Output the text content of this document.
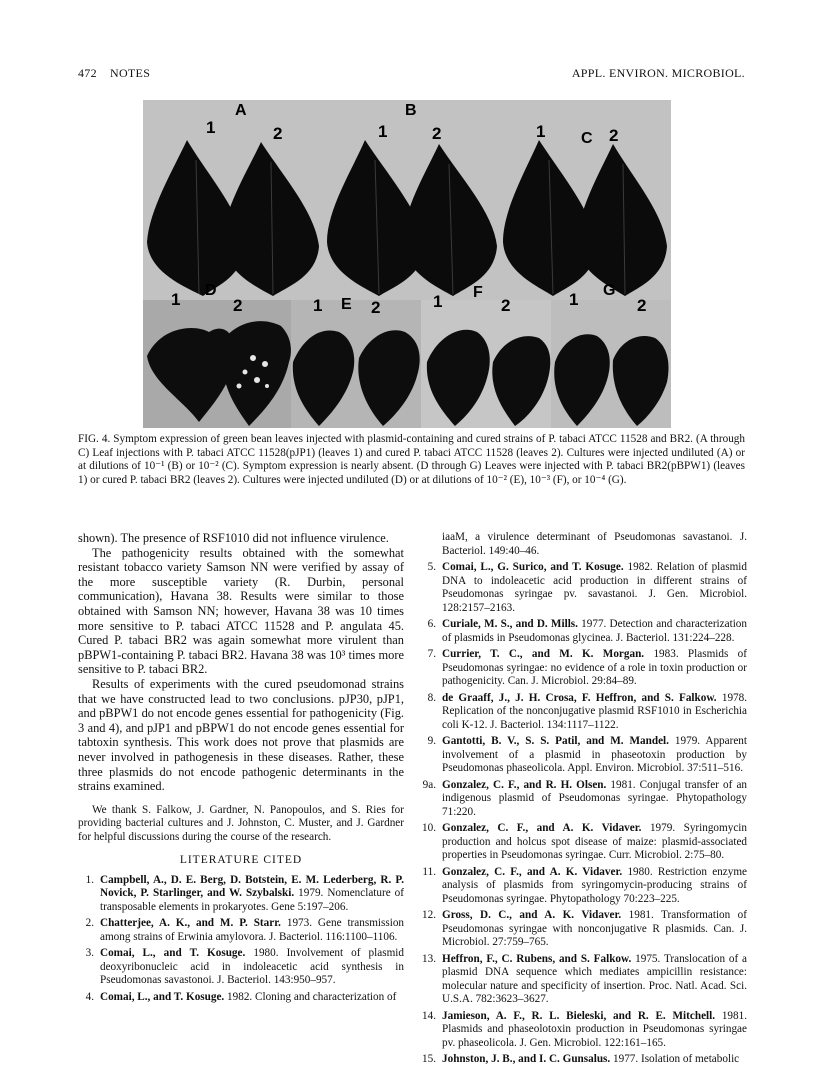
472 NOTES	APPL. ENVIRON. MICROBIOL.
A	B
C
D
E
F	G
1	2	1	2	1	2
1	2	1	2	1	2	1	2
FIG. 4. Symptom expression of green bean leaves injected with plasmid-containing and cured strains of P. tabaci ATCC 11528 and BR2. (A through C) Leaf injections with P. tabaci ATCC 11528(pJP1) (leaves 1) and cured P. tabaci ATCC 11528 (leaves 2). Cultures were injected undiluted (A) or at dilutions of 10⁻¹ (B) or 10⁻² (C). Symptom expression is nearly absent. (D through G) Leaves were injected with P. tabaci BR2(pBPW1) (leaves 1) or cured P. tabaci BR2 (leaves 2). Cultures were injected undiluted (D) or at dilutions of 10⁻² (E), 10⁻³ (F), or 10⁻⁴ (G).

shown). The presence of RSF1010 did not influence virulence.

The pathogenicity results obtained with the somewhat resistant tobacco variety Samson NN were verified by assay of the more susceptible variety (R. Durbin, personal communication), Havana 38. Results were similar to those obtained with Samson NN; however, Havana 38 was 10 times more sensitive to P. tabaci ATCC 11528 and P. angulata 45. Cured P. tabaci BR2 was again somewhat more virulent than pBPW1-containing P. tabaci BR2. Havana 38 was 10³ times more sensitive to P. tabaci BR2.

Results of experiments with the cured pseudomonad strains that we have constructed lead to two conclusions. pJP30, pJP1, and pBPW1 do not encode genes essential for pathogenicity (Fig. 3 and 4), and pJP1 and pBPW1 do not encode genes essential for tabtoxin synthesis. This work does not prove that plasmids are never involved in pathogenesis in these diseases. Rather, these three plasmids do not encode pathogenic determinants in the strains examined.

We thank S. Falkow, J. Gardner, N. Panopoulos, and S. Ries for providing bacterial cultures and J. Johnston, C. Muster, and J. Gardner for helpful discussions during the course of the research.

LITERATURE CITED
1. Campbell, A., D. E. Berg, D. Botstein, E. M. Lederberg, R. P. Novick, P. Starlinger, and W. Szybalski. 1979. Nomenclature of transposable elements in prokaryotes. Gene 5:197–206.
2. Chatterjee, A. K., and M. P. Starr. 1973. Gene transmission among strains of Erwinia amylovora. J. Bacteriol. 116:1100–1106.
3. Comai, L., and T. Kosuge. 1980. Involvement of plasmid deoxyribonucleic acid in indoleacetic acid synthesis in Pseudomonas savastonoi. J. Bacteriol. 143:950–957.
4. Comai, L., and T. Kosuge. 1982. Cloning and characterization of
iaaM, a virulence determinant of Pseudomonas savastanoi. J. Bacteriol. 149:40–46.
5. Comai, L., G. Surico, and T. Kosuge. 1982. Relation of plasmid DNA to indoleacetic acid production in different strains of Pseudomonas syringae pv. savastanoi. J. Gen. Microbiol. 128:2157–2163.
6. Curiale, M. S., and D. Mills. 1977. Detection and characterization of plasmids in Pseudomonas glycinea. J. Bacteriol. 131:224–228.
7. Currier, T. C., and M. K. Morgan. 1983. Plasmids of Pseudomonas syringae: no evidence of a role in toxin production or pathogenicity. Can. J. Microbiol. 29:84–89.
8. de Graaff, J., J. H. Crosa, F. Heffron, and S. Falkow. 1978. Replication of the nonconjugative plasmid RSF1010 in Escherichia coli K-12. J. Bacteriol. 134:1117–1122.
9. Gantotti, B. V., S. S. Patil, and M. Mandel. 1979. Apparent involvement of a plasmid in phaseotoxin production by Pseudomonas phaseolicola. Appl. Environ. Microbiol. 37:511–516.
9a. Gonzalez, C. F., and R. H. Olsen. 1981. Conjugal transfer of an indigenous plasmid of Pseudomonas syringae. Phytopathology 71:220.
10. Gonzalez, C. F., and A. K. Vidaver. 1979. Syringomycin production and holcus spot disease of maize: plasmid-associated properties in Pseudomonas syringae. Curr. Microbiol. 2:75–80.
11. Gonzalez, C. F., and A. K. Vidaver. 1980. Restriction enzyme analysis of plasmids from syringomycin-producing strains of Pseudomonas syringae. Phytopathology 70:223–225.
12. Gross, D. C., and A. K. Vidaver. 1981. Transformation of Pseudomonas syringae with nonconjugative R plasmids. Can. J. Microbiol. 27:759–765.
13. Heffron, F., C. Rubens, and S. Falkow. 1975. Translocation of a plasmid DNA sequence which mediates ampicillin resistance: molecular nature and specificity of insertion. Proc. Natl. Acad. Sci. U.S.A. 782:3623–3627.
14. Jamieson, A. F., R. L. Bieleski, and R. E. Mitchell. 1981. Plasmids and phaseolotoxin production in Pseudomonas syringae pv. phaseolicola. J. Gen. Microbiol. 122:161–165.
15. Johnston, J. B., and I. C. Gunsalus. 1977. Isolation of metabolic
